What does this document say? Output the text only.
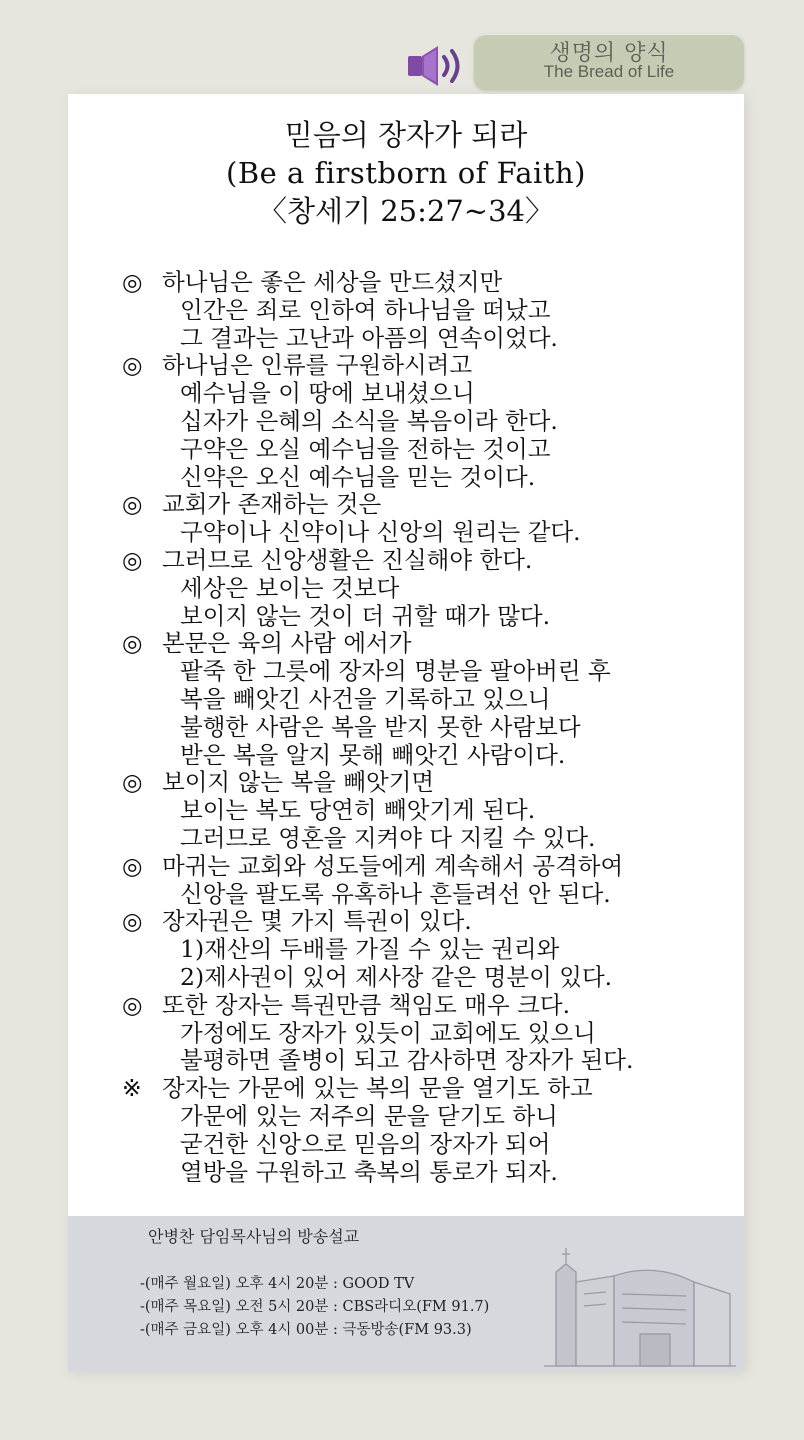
생명의 양식
The Bread of Life
믿음의 장자가 되라
(Be a firstborn of Faith)
〈창세기 25:27~34〉
◎ 하나님은 좋은 세상을 만드셨지만
인간은 죄로 인하여 하나님을 떠났고
그 결과는 고난과 아픔의 연속이었다.
◎ 하나님은 인류를 구원하시려고
예수님을 이 땅에 보내셨으니
십자가 은혜의 소식을 복음이라 한다.
구약은 오실 예수님을 전하는 것이고
신약은 오신 예수님을 믿는 것이다.
◎ 교회가 존재하는 것은
구약이나 신약이나 신앙의 원리는 같다.
◎ 그러므로 신앙생활은 진실해야 한다.
세상은 보이는 것보다
보이지 않는 것이 더 귀할 때가 많다.
◎ 본문은 육의 사람 에서가
팥죽 한 그릇에 장자의 명분을 팔아버린 후
복을 빼앗긴 사건을 기록하고 있으니
불행한 사람은 복을 받지 못한 사람보다
받은 복을 알지 못해 빼앗긴 사람이다.
◎ 보이지 않는 복을 빼앗기면
보이는 복도 당연히 빼앗기게 된다.
그러므로 영혼을 지켜야 다 지킬 수 있다.
◎ 마귀는 교회와 성도들에게 계속해서 공격하여
신앙을 팔도록 유혹하나 흔들려선 안 된다.
◎ 장자권은 몇 가지 특권이 있다.
1)재산의 두배를 가질 수 있는 권리와
2)제사권이 있어 제사장 같은 명분이 있다.
◎ 또한 장자는 특권만큼 책임도 매우 크다.
가정에도 장자가 있듯이 교회에도 있으니
불평하면 졸병이 되고 감사하면 장자가 된다.
※ 장자는 가문에 있는 복의 문을 열기도 하고
가문에 있는 저주의 문을 닫기도 하니
굳건한 신앙으로 믿음의 장자가 되어
열방을 구원하고 축복의 통로가 되자.
안병찬 담임목사님의 방송설교
-(매주 월요일) 오후 4시 20분 : GOOD TV
-(매주 목요일) 오전 5시 20분 : CBS라디오(FM 91.7)
-(매주 금요일) 오후 4시 00분 : 극동방송(FM 93.3)
